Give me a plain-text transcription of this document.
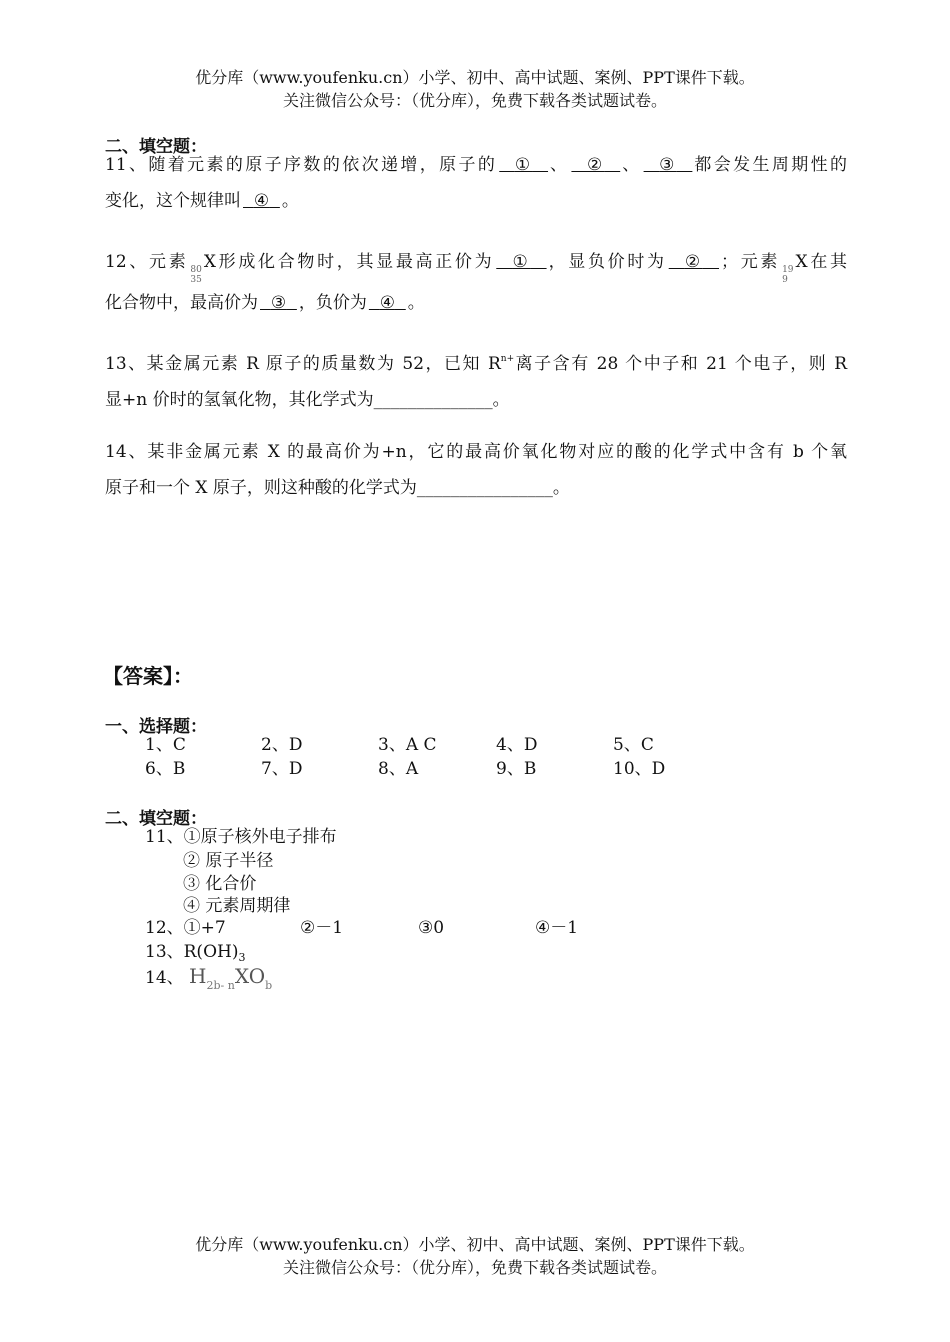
优分库（www.youfenku.cn）小学、初中、高中试题、案例、PPT课件下载。
关注微信公众号：（优分库），免费下载各类试题试卷。
二、填空题：
11、随着元素的原子序数的依次递增，原子的 ① 、 ② 、 ③ 都会发生周期性的
变化，这个规律叫 ④ 。
12、元素 80
35
X形成化合物时，其显最高正价为 ① ，显负价时为 ② ；元素 19
9
X在其
化合物中，最高价为 ③ ，负价为 ④ 。
13、某金属元素 R 原子的质量数为 52，已知 $R^{n+}$离子含有 28 个中子和 21 个电子，则 R
显+n 价时的氢氧化物，其化学式为______________。
14、某非金属元素 X 的最高价为+n，它的最高价氧化物对应的酸的化学式中含有 b 个氧
原子和一个 X 原子，则这种酸的化学式为________________。
【答案】：
一、选择题：
1、C	2、D	3、A C	4、D	5、C
6、B	7、D	8、A	9、B	10、D
二、填空题：
11、①原子核外电子排布
② 原子半径
③ 化合价
④ 元素周期律
12、①+7	②－1	③0	④－1
13、$R(OH)_3$
14、 $H_{2b- n}XO_b$
优分库（www.youfenku.cn）小学、初中、高中试题、案例、PPT课件下载。
关注微信公众号：（优分库），免费下载各类试题试卷。
